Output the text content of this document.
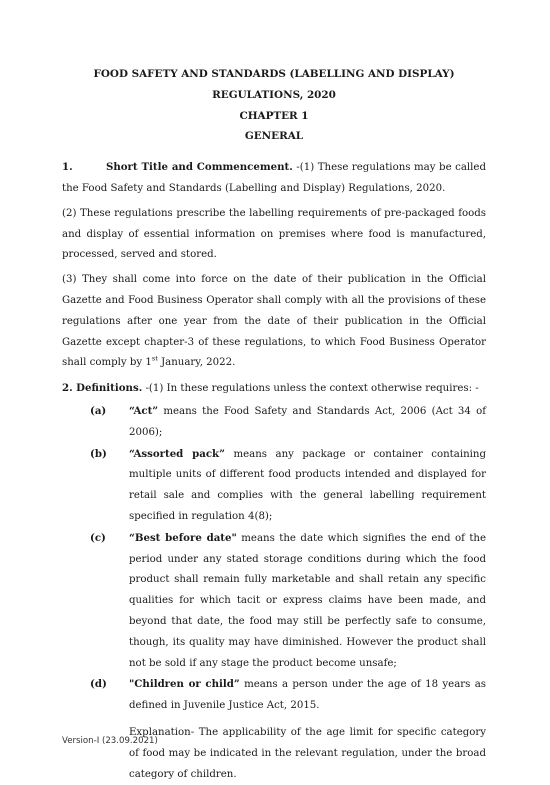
FOOD SAFETY AND STANDARDS (LABELLING AND DISPLAY) REGULATIONS, 2020
CHAPTER 1
GENERAL

1.	Short Title and Commencement. -(1) These regulations may be called the Food Safety and Standards (Labelling and Display) Regulations, 2020.

(2) These regulations prescribe the labelling requirements of pre-packaged foods and display of essential information on premises where food is manufactured, processed, served and stored.

(3) They shall come into force on the date of their publication in the Official Gazette and Food Business Operator shall comply with all the provisions of these regulations after one year from the date of their publication in the Official Gazette except chapter-3 of these regulations, to which Food Business Operator shall comply by 1st January, 2022.

2. Definitions. -(1) In these regulations unless the context otherwise requires: -

(a)	“Act” means the Food Safety and Standards Act, 2006 (Act 34 of 2006);
(b)	“Assorted pack” means any package or container containing multiple units of different food products intended and displayed for retail sale and complies with the general labelling requirement specified in regulation 4(8);
(c)	“Best before date" means the date which signifies the end of the period under any stated storage conditions during which the food product shall remain fully marketable and shall retain any specific qualities for which tacit or express claims have been made, and beyond that date, the food may still be perfectly safe to consume, though, its quality may have diminished. However the product shall not be sold if any stage the product become unsafe;
(d)	"Children or child” means a person under the age of 18 years as defined in Juvenile Justice Act, 2015.

Explanation- The applicability of the age limit for specific category of food may be indicated in the relevant regulation, under the broad category of children.

Version-I (23.09.2021)
